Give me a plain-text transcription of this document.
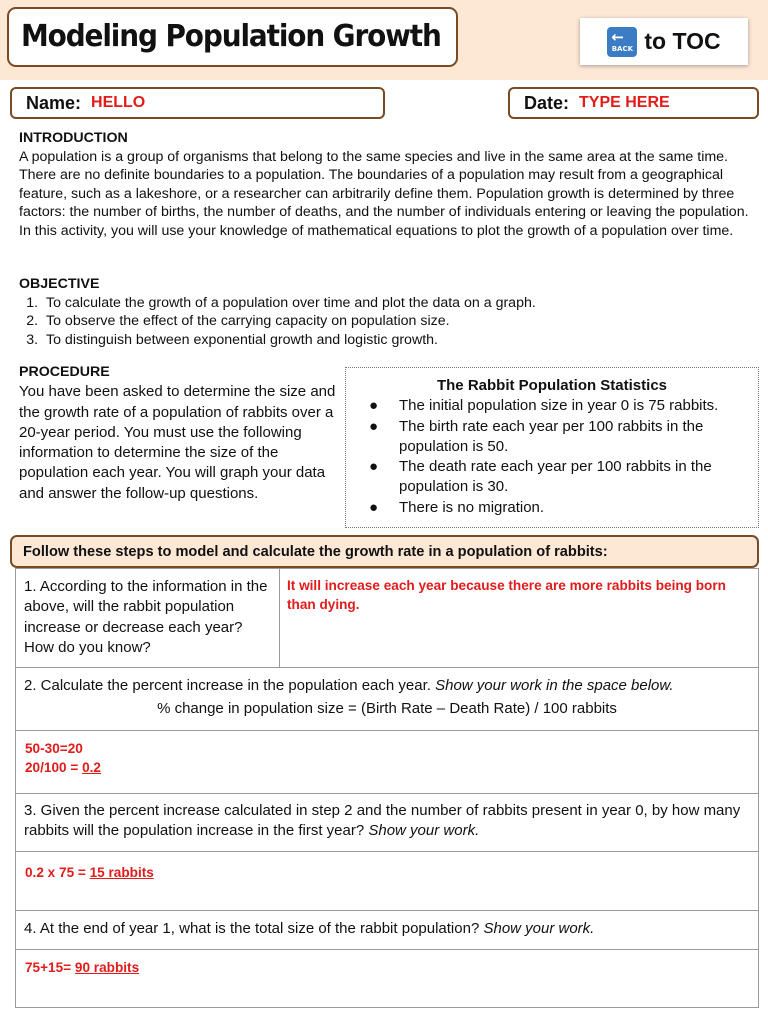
Modeling Population Growth	←
BACK to TOC
Name: HELLO	Date: TYPE HERE
INTRODUCTION
A population is a group of organisms that belong to the same species and live in the same area at the same time. There are no definite boundaries to a population. The boundaries of a population may result from a geographical feature, such as a lakeshore, or a researcher can arbitrarily define them. Population growth is determined by three factors: the number of births, the number of deaths, and the number of individuals entering or leaving the population. In this activity, you will use your knowledge of mathematical equations to plot the growth of a population over time.
OBJECTIVE
1. To calculate the growth of a population over time and plot the data on a graph.
2. To observe the effect of the carrying capacity on population size.
3. To distinguish between exponential growth and logistic growth.
PROCEDURE
You have been asked to determine the size and the growth rate of a population of rabbits over a 20-year period. You must use the following information to determine the size of the population each year. You will graph your data and answer the follow-up questions.
The Rabbit Population Statistics
● The initial population size in year 0 is 75 rabbits.
● The birth rate each year per 100 rabbits in the population is 50.
● The death rate each year per 100 rabbits in the population is 30.
● There is no migration.
Follow these steps to model and calculate the growth rate in a population of rabbits:
1. According to the information in the above, will the rabbit population increase or decrease each year? How do you know?
It will increase each year because there are more rabbits being born than dying.
2. Calculate the percent increase in the population each year. Show your work in the space below.
% change in population size = (Birth Rate – Death Rate) / 100 rabbits
50-30=20
20/100 = 0.2
3. Given the percent increase calculated in step 2 and the number of rabbits present in year 0, by how many rabbits will the population increase in the first year? Show your work.
0.2 x 75 = 15 rabbits
4. At the end of year 1, what is the total size of the rabbit population? Show your work.
75+15= 90 rabbits
